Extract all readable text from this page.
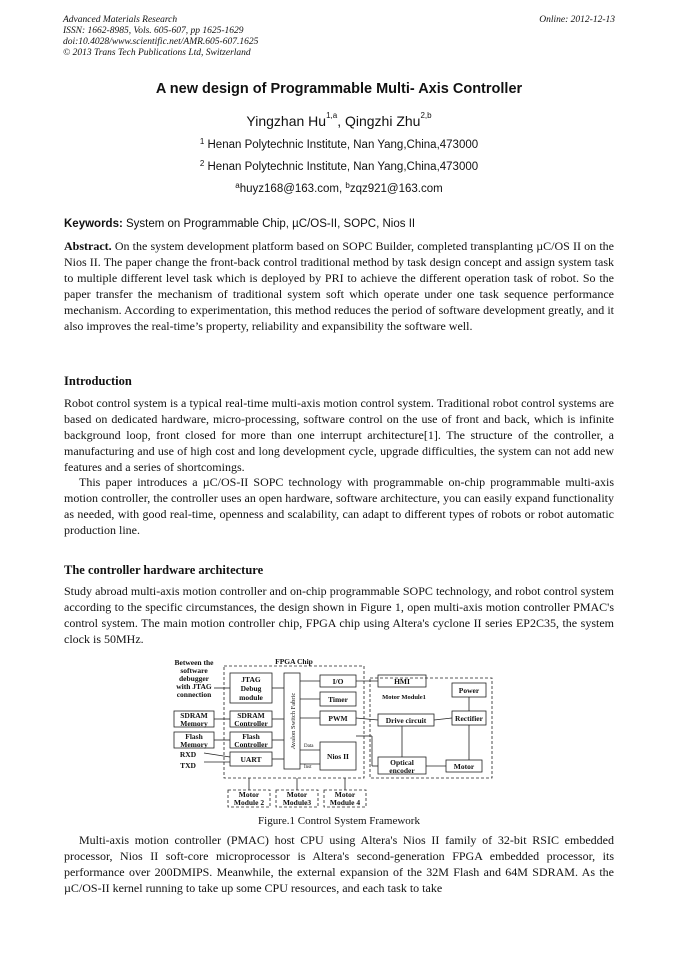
Advanced Materials Research
ISSN: 1662-8985, Vols. 605-607, pp 1625-1629
doi:10.4028/www.scientific.net/AMR.605-607.1625
© 2013 Trans Tech Publications Ltd, Switzerland
Online: 2012-12-13
A new design of Programmable Multi- Axis Controller
Yingzhan Hu$^{1,a}$, Qingzhi Zhu$^{2,b}$
$^1$ Henan Polytechnic Institute, Nan Yang,China,473000
$^2$ Henan Polytechnic Institute, Nan Yang,China,473000
$^a$huyz168@163.com, $^b$zqz921@163.com
Keywords: System on Programmable Chip, µC/OS-II, SOPC, Nios II

Abstract. On the system development platform based on SOPC Builder, completed transplanting µC/OS II on the Nios II. The paper change the front-back control traditional method by task design concept and assign system task to multiple different level task which is deployed by PRI to achieve the different operation task of robot. So the paper transfer the mechanism of traditional system soft which operate under one task sequence performance mechanism. According to experimentation, this method reduces the period of software development greatly, and it also improves the real-time’s property, reliability and expansibility the software well.

Introduction

Robot control system is a typical real-time multi-axis motion control system. Traditional robot control systems are based on dedicated hardware, micro-processing, software control on the use of front and back, which is infinite background loop, front closed for more than one interrupt architecture[1]. The structure of the controller, a manufacturing and use of high cost and long development cycle, upgrade difficulties, the system can not add new features and a series of shortcomings.

This paper introduces a µC/OS-II SOPC technology with programmable on-chip programmable multi-axis motion controller, the controller uses an open hardware, software architecture, you can easily expand functionality as needed, with good real-time, openness and scalability, can adapt to different types of robots or robot automatic production line.

The controller hardware architecture

Study abroad multi-axis motion controller and on-chip programmable SOPC technology, and robot control system according to the specific circumstances, the design shown in Figure 1, open multi-axis motion controller PMAC's control system. The main motion controller chip, FPGA chip using Altera's cyclone II series EP2C35, the system clock is 50MHz.

FPGA Chip
Between the
software
debugger
with JTAG
connection
SDRAM
Memory
Flash
Memory
RXD
TXD
JTAG
Debug
module
SDRAM
Controller
Flash
Controller
UART
I/O
Timer
PWM
Nios II
HMI
Motor Module1
Power
Rectifier
Drive circuit
Optical
encoder	Motor
Motor
Module 2
Motor
Module3
Motor
Module 4
Data
Inst
Avalon Switch Fabric
Figure.1 Control System Framework

Multi-axis motion controller (PMAC) host CPU using Altera's Nios II family of 32-bit RSIC embedded processor, Nios II soft-core microprocessor is Altera's second-generation FPGA embedded processor, its performance over 200DMIPS. Meanwhile, the external expansion of the 32M Flash and 64M SDRAM. As the µC/OS-II kernel running to take up some CPU resources, and each task to take
